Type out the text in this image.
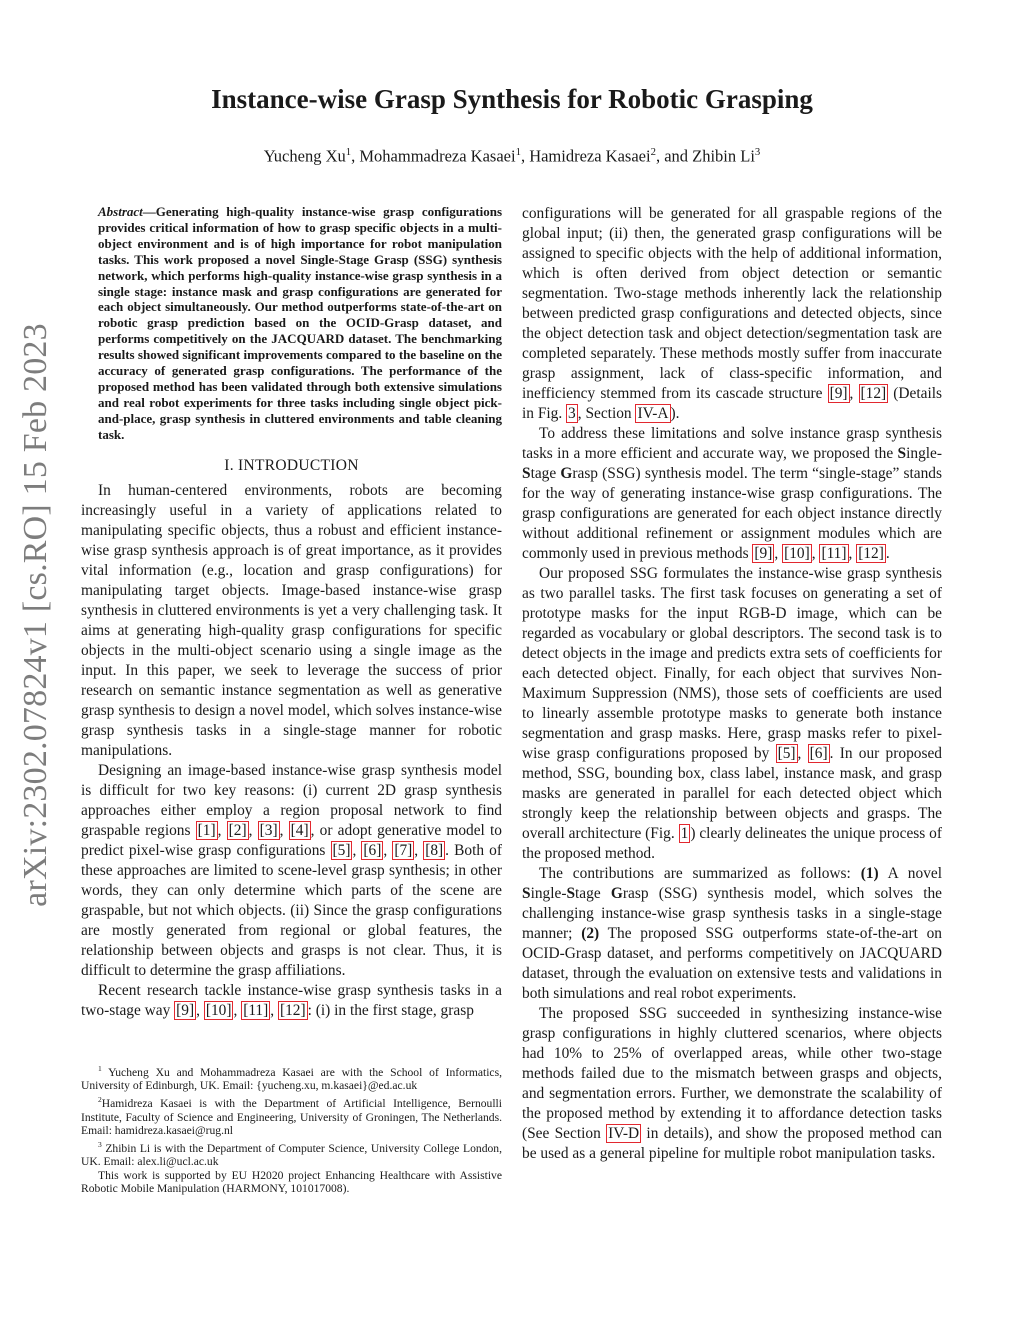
arXiv:2302.07824v1 [cs.RO] 15 Feb 2023
Instance-wise Grasp Synthesis for Robotic Grasping
Yucheng Xu$^1$, Mohammadreza Kasaei$^1$, Hamidreza Kasaei$^2$, and Zhibin Li$^3$

Abstract—Generating high-quality instance-wise grasp configurations provides critical information of how to grasp specific objects in a multi-object environment and is of high importance for robot manipulation tasks. This work proposed a novel Single-Stage Grasp (SSG) synthesis network, which performs high-quality instance-wise grasp synthesis in a single stage: instance mask and grasp configurations are generated for each object simultaneously. Our method outperforms state-of-the-art on robotic grasp prediction based on the OCID-Grasp dataset, and performs competitively on the JACQUARD dataset. The benchmarking results showed significant improvements compared to the baseline on the accuracy of generated grasp configurations. The performance of the proposed method has been validated through both extensive simulations and real robot experiments for three tasks including single object pick-and-place, grasp synthesis in cluttered environments and table cleaning task.

I. INTRODUCTION

In human-centered environments, robots are becoming increasingly useful in a variety of applications related to manipulating specific objects, thus a robust and efficient instance-wise grasp synthesis approach is of great importance, as it provides vital information (e.g., location and grasp configurations) for manipulating target objects. Image-based instance-wise grasp synthesis in cluttered environments is yet a very challenging task. It aims at generating high-quality grasp configurations for specific objects in the multi-object scenario using a single image as the input. In this paper, we seek to leverage the success of prior research on semantic instance segmentation as well as generative grasp synthesis to design a novel model, which solves instance-wise grasp synthesis tasks in a single-stage manner for robotic manipulations.

Designing an image-based instance-wise grasp synthesis model is difficult for two key reasons: (i) current 2D grasp synthesis approaches either employ a region proposal network to find graspable regions [1] , [2] , [3] , [4] , or adopt generative model to predict pixel-wise grasp configurations [5] , [6] , [7] , [8] . Both of these approaches are limited to scene-level grasp synthesis; in other words, they can only determine which parts of the scene are graspable, but not which objects. (ii) Since the grasp configurations are mostly generated from regional or global features, the relationship between objects and grasps is not clear. Thus, it is difficult to determine the grasp affiliations.

Recent research tackle instance-wise grasp synthesis tasks in a two-stage way [9] , [10] , [11] , [12] : (i) in the first stage, grasp

$^1$ Yucheng Xu and Mohammadreza Kasaei are with the School of Informatics, University of Edinburgh, UK. Email: {yucheng.xu, m.kasaei}@ed.ac.uk

$^2$Hamidreza Kasaei is with the Department of Artificial Intelligence, Bernoulli Institute, Faculty of Science and Engineering, University of Groningen, The Netherlands. Email: hamidreza.kasaei@rug.nl

$^3$ Zhibin Li is with the Department of Computer Science, University College London, UK. Email: alex.li@ucl.ac.uk

This work is supported by EU H2020 project Enhancing Healthcare with Assistive Robotic Mobile Manipulation (HARMONY, 101017008).

configurations will be generated for all graspable regions of the global input; (ii) then, the generated grasp configurations will be assigned to specific objects with the help of additional information, which is often derived from object detection or semantic segmentation. Two-stage methods inherently lack the relationship between predicted grasp configurations and detected objects, since the object detection task and object detection/segmentation task are completed separately. These methods mostly suffer from inaccurate grasp assignment, lack of class-specific information, and inefficiency stemmed from its cascade structure [9] , [12] (Details in Fig. 3 , Section IV-A ).

To address these limitations and solve instance grasp synthesis tasks in a more efficient and accurate way, we proposed the Single-Stage Grasp (SSG) synthesis model. The term “single-stage” stands for the way of generating instance-wise grasp configurations. The grasp configurations are generated for each object instance directly without additional refinement or assignment modules which are commonly used in previous methods [9] , [10] , [11] , [12] .

Our proposed SSG formulates the instance-wise grasp synthesis as two parallel tasks. The first task focuses on generating a set of prototype masks for the input RGB-D image, which can be regarded as vocabulary or global descriptors. The second task is to detect objects in the image and predicts extra sets of coefficients for each detected object. Finally, for each object that survives Non-Maximum Suppression (NMS), those sets of coefficients are used to linearly assemble prototype masks to generate both instance segmentation and grasp masks. Here, grasp masks refer to pixel-wise grasp configurations proposed by [5] , [6] . In our proposed method, SSG, bounding box, class label, instance mask, and grasp masks are generated in parallel for each detected object which strongly keep the relationship between objects and grasps. The overall architecture (Fig. 1 ) clearly delineates the unique process of the proposed method.

The contributions are summarized as follows: (1) A novel Single-Stage Grasp (SSG) synthesis model, which solves the challenging instance-wise grasp synthesis tasks in a single-stage manner; (2) The proposed SSG outperforms state-of-the-art on OCID-Grasp dataset, and performs competitively on JACQUARD dataset, through the evaluation on extensive tests and validations in both simulations and real robot experiments.

The proposed SSG succeeded in synthesizing instance-wise grasp configurations in highly cluttered scenarios, where objects had 10% to 25% of overlapped areas, while other two-stage methods failed due to the mismatch between grasps and objects, and segmentation errors. Further, we demonstrate the scalability of the proposed method by extending it to affordance detection tasks (See Section IV-D in details), and show the proposed method can be used as a general pipeline for multiple robot manipulation tasks.
